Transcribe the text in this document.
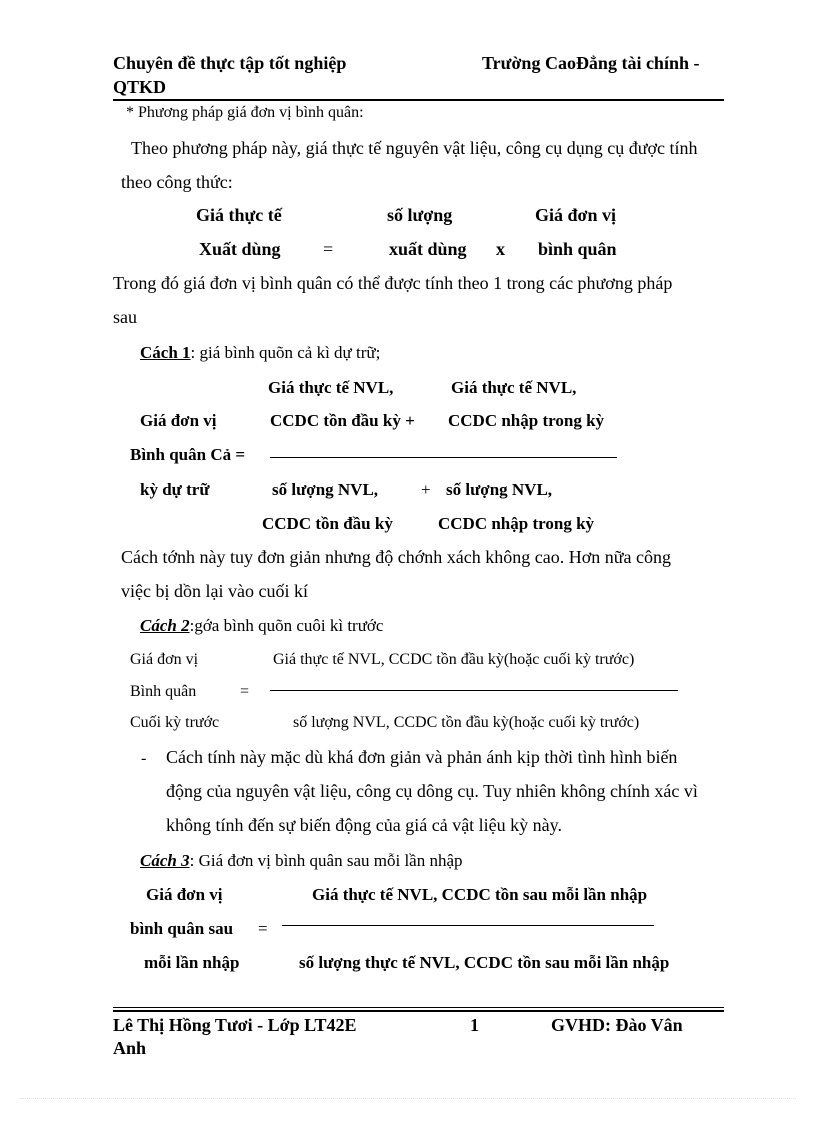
Chuyên đề thực tập tốt nghiệp	Trường CaoĐẳng tài chính -
QTKD
* Phương pháp giá đơn vị bình quân:
Theo phương pháp này, giá thực tế nguyên vật liệu, công cụ dụng cụ được tính
theo công thức:
Giá thực tế	số lượng	Giá đơn vị
Xuất dùng =	xuất dùng x bình quân
Trong đó giá đơn vị bình quân có thể được tính theo 1 trong các phương pháp
sau
Cách 1: giá bình quõn cả kì dự trữ;
Giá thực tế NVL,	Giá thực tế NVL,
Giá đơn vị	CCDC tồn đầu kỳ + CCDC nhập trong kỳ
Bình quân Cả =
kỳ dự trữ	số lượng NVL,	+ số lượng NVL,
CCDC tồn đầu kỳ	CCDC nhập trong kỳ
Cách tớnh này tuy đơn giản nhưng độ chớnh xách không cao. Hơn nữa công
việc bị dồn lại vào cuối kí
Cách 2:gớa bình quõn cuôi kì trước
Giá đơn vị	Giá thực tế NVL, CCDC tồn đầu kỳ(hoặc cuối kỳ trước)
Bình quân	=
Cuối kỳ trước	số lượng NVL, CCDC tồn đầu kỳ(hoặc cuối kỳ trước)
- Cách tính này mặc dù khá đơn giản và phản ánh kịp thời tình hình biến
động của nguyên vật liệu, công cụ dông cụ. Tuy nhiên không chính xác vì
không tính đến sự biến động của giá cả vật liệu kỳ này.
Cách 3: Giá đơn vị bình quân sau mỗi lần nhập
Giá đơn vị	Giá thực tế NVL, CCDC tồn sau mỗi lần nhập
bình quân sau =
mỗi lần nhập	số lượng thực tế NVL, CCDC tồn sau mỗi lần nhập
Lê Thị Hồng Tươi - Lớp LT42E	1	GVHD: Đào Vân
Anh
